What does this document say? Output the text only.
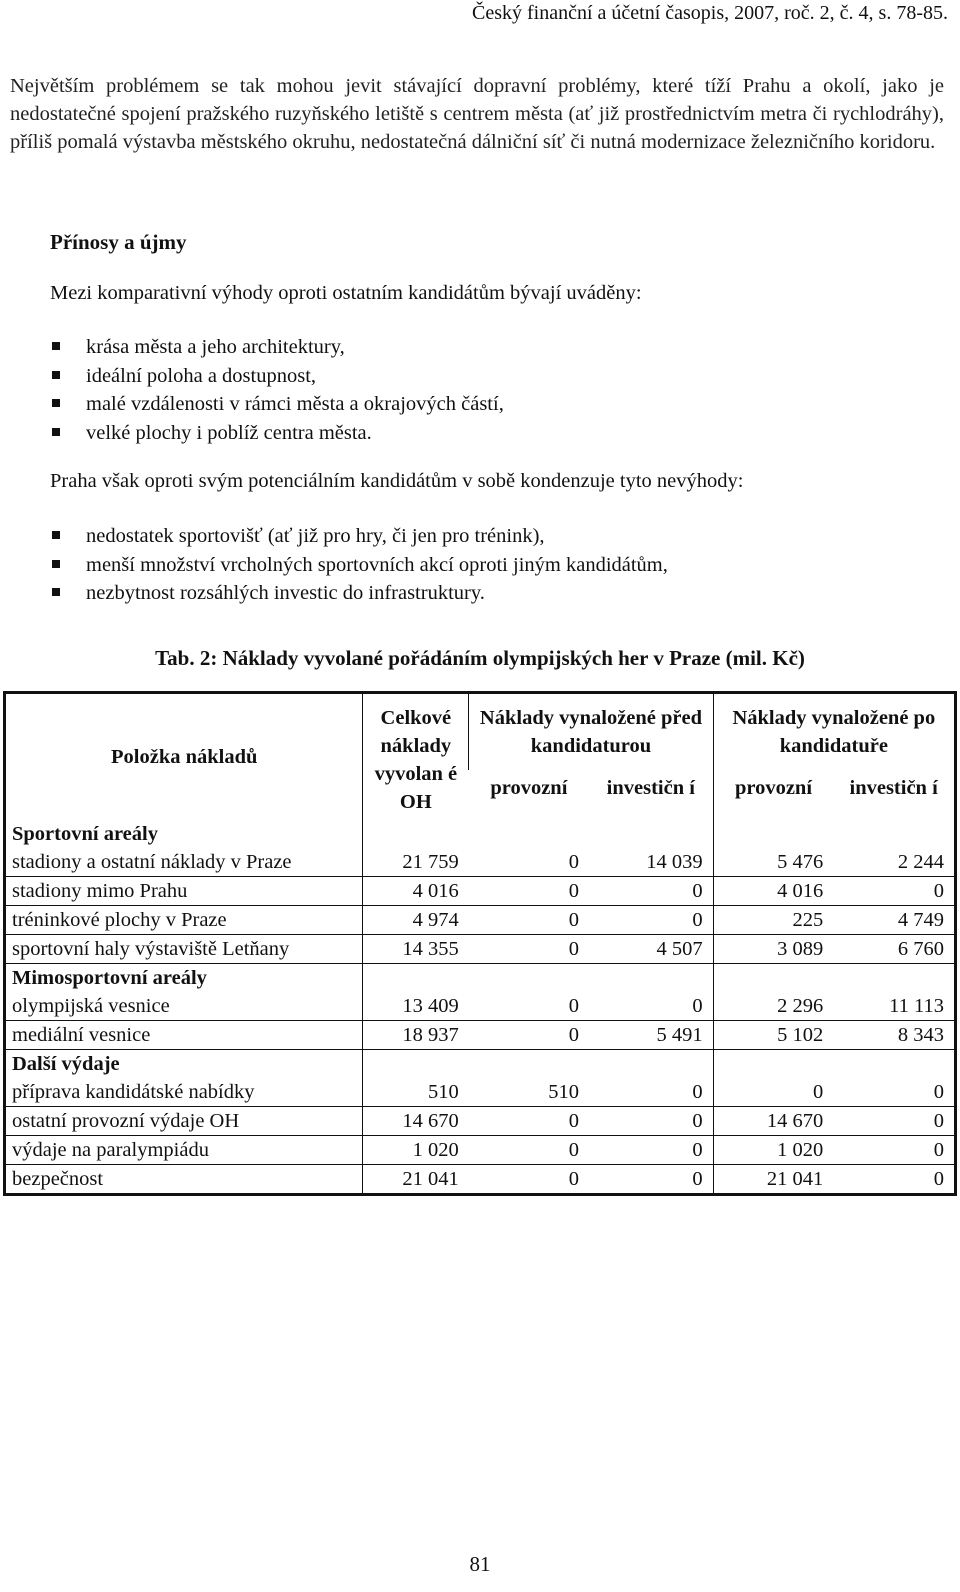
Český finanční a účetní časopis, 2007, roč. 2, č. 4, s. 78-85.

Největším problémem se tak mohou jevit stávající dopravní problémy, které tíží Prahu a okolí, jako je nedostatečné spojení pražského ruzyňského letiště s centrem města (ať již prostřednictvím metra či rychlodráhy), příliš pomalá výstavba městského okruhu, nedostatečná dálniční síť či nutná modernizace železničního koridoru.

Přínosy a újmy

Mezi komparativní výhody oproti ostatním kandidátům bývají uváděny:

krása města a jeho architektury,
ideální poloha a dostupnost,
malé vzdálenosti v rámci města a okrajových částí,
velké plochy i poblíž centra města.

Praha však oproti svým potenciálním kandidátům v sobě kondenzuje tyto nevýhody:

nedostatek sportovišť (ať již pro hry, či jen pro trénink),
menší množství vrcholných sportovních akcí oproti jiným kandidátům,
nezbytnost rozsáhlých investic do infrastruktury.

Tab. 2: Náklady vyvolané pořádáním olympijských her v Praze (mil. Kč)

Položka nákladů	Celkové náklady vyvolan é OH	Náklady vynaložené před kandidaturou		Náklady vynaložené po kandidatuře	
		provozní	investičn í	provozní	investičn í
Sportovní areály					
stadiony a ostatní náklady v Praze	21 759	0	14 039	5 476	2 244
stadiony mimo Prahu	4 016	0	0	4 016	0
tréninkové plochy v Praze	4 974	0	0	225	4 749
sportovní haly výstaviště Letňany	14 355	0	4 507	3 089	6 760
Mimosportovní areály					
olympijská vesnice	13 409	0	0	2 296	11 113
mediální vesnice	18 937	0	5 491	5 102	8 343
Další výdaje					
příprava kandidátské nabídky	510	510	0	0	0
ostatní provozní výdaje OH	14 670	0	0	14 670	0
výdaje na paralympiádu	1 020	0	0	1 020	0
bezpečnost	21 041	0	0	21 041	0
81
